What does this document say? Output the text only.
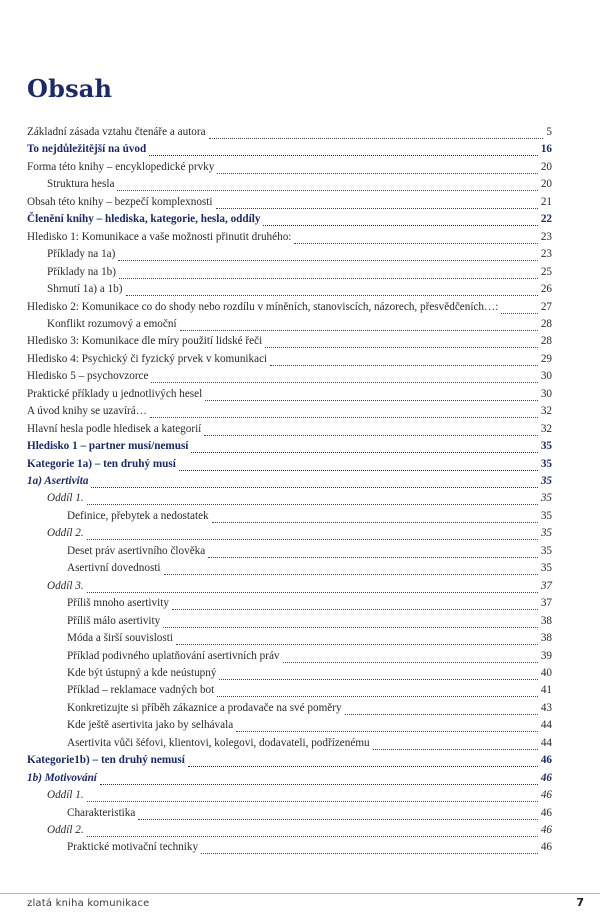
Obsah
Základní zásada vztahu čtenáře a autora	5
To nejdůležitější na úvod	16
Forma této knihy – encyklopedické prvky	20
Struktura hesla	20
Obsah této knihy – bezpečí komplexnosti	21
Členění knihy – hlediska, kategorie, hesla, oddíly	22
Hledisko 1: Komunikace a vaše možnosti přinutit druhého:	23
Příklady na 1a)	23
Příklady na 1b)	25
Shrnutí 1a) a 1b)	26
Hledisko 2: Komunikace co do shody nebo rozdílu v míněních, stanoviscích, názorech, přesvědčeních…:	27
Konflikt rozumový a emoční	28
Hledisko 3: Komunikace dle míry použití lidské řeči	28
Hledisko 4: Psychický či fyzický prvek v komunikaci	29
Hledisko 5 – psychovzorce	30
Praktické příklady u jednotlivých hesel	30
A úvod knihy se uzavírá…	32
Hlavní hesla podle hledisek a kategorií	32
Hledisko 1 – partner musí/nemusí	35
Kategorie 1a) – ten druhý musí	35
1a) Asertivita	35
Oddíl 1.	35
Definice, přebytek a nedostatek	35
Oddíl 2.	35
Deset práv asertivního člověka	35
Asertivní dovednosti	35
Oddíl 3.	37
Příliš mnoho asertivity	37
Příliš málo asertivity	38
Móda a širší souvislosti	38
Příklad podivného uplatňování asertivních práv	39
Kde být ústupný a kde neústupný	40
Příklad – reklamace vadných bot	41
Konkretizujte si příběh zákaznice a prodavače na své poměry	43
Kde ještě asertivita jako by selhávala	44
Asertivita vůči šéfovi, klientovi, kolegovi, dodavateli, podřízenému	44
Kategorie1b) – ten druhý nemusí	46
1b) Motivování	46
Oddíl 1.	46
Charakteristika	46
Oddíl 2.	46
Praktické motivační techniky	46
zlatá kniha komunikace	7
